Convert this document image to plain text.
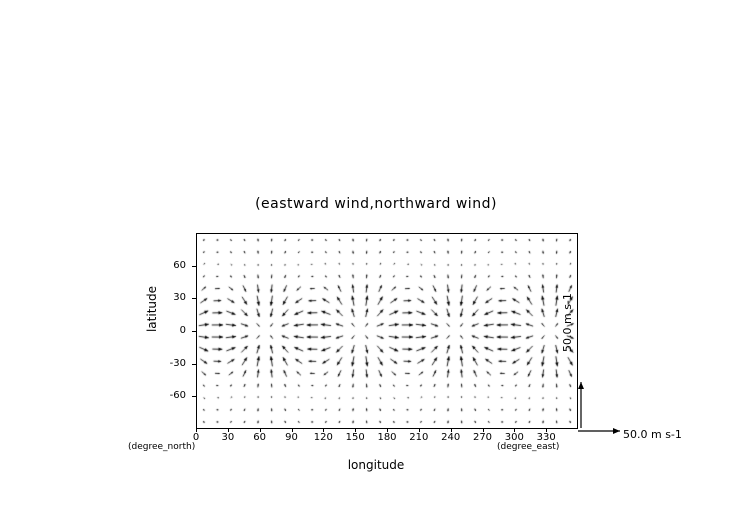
(eastward wind,northward wind)
longitude
latitude
(degree_north)	(degree_east)
50.0 m s-1
50.0 m s-1
0	30	60	90	120	150	180	210	240	270	300	330
-60
-30
0
30
60
